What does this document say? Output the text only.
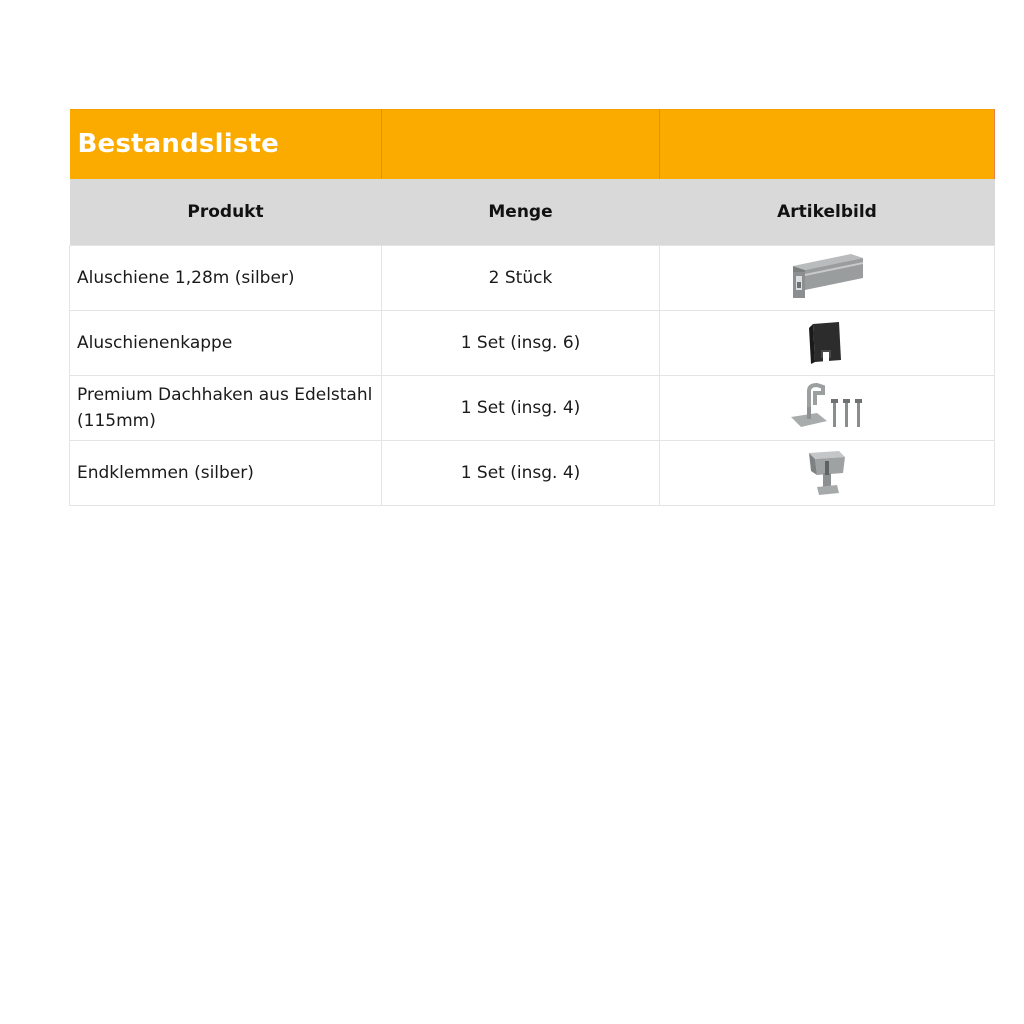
Bestandsliste		
Produkt	Menge	Artikelbild
Aluschiene 1,28m (silber)	2 Stück	
Aluschienenkappe	1 Set (insg. 6)	
Premium Dachhaken aus Edelstahl (115mm)	1 Set (insg. 4)	
Endklemmen (silber)	1 Set (insg. 4)	
